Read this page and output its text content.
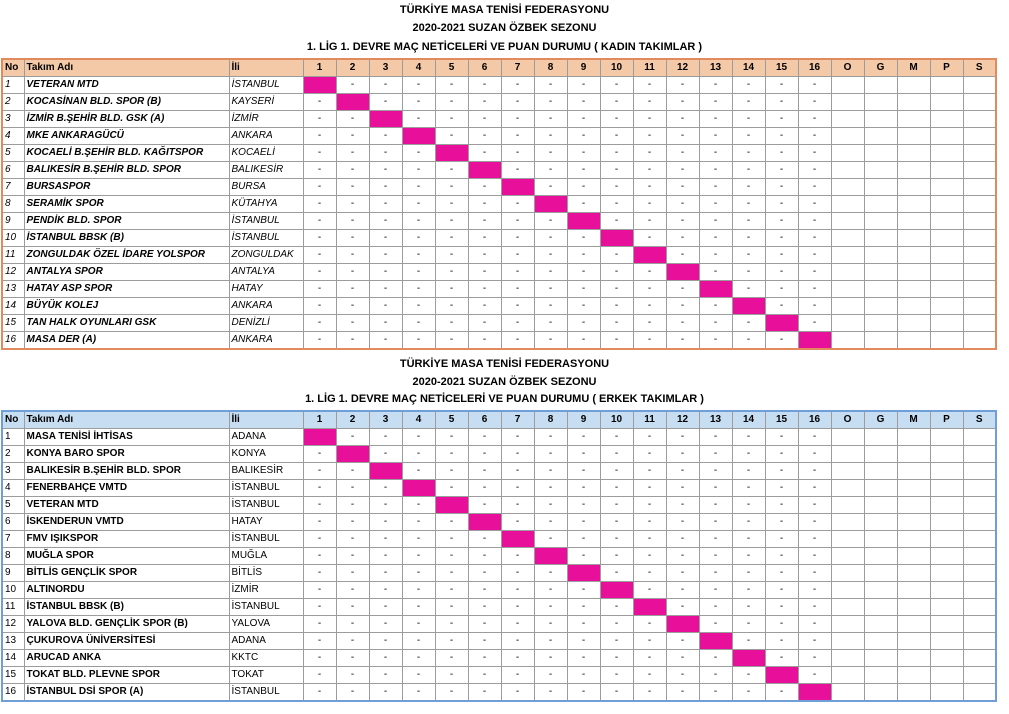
TÜRKİYE MASA TENİSİ FEDERASYONU
2020-2021 SUZAN ÖZBEK SEZONU
1. LİG 1. DEVRE MAÇ NETİCELERİ VE PUAN DURUMU ( KADIN TAKIMLAR )
No	Takım Adı	İli	1	2	3	4	5	6	7	8	9	10	11	12	13	14	15	16	O	G	M	P	S
1	VETERAN MTD	İSTANBUL		-	-	-	-	-	-	-	-	-	-	-	-	-	-	-					
2	KOCASİNAN BLD. SPOR (B)	KAYSERİ	-		-	-	-	-	-	-	-	-	-	-	-	-	-	-					
3	İZMİR B.ŞEHİR BLD. GSK (A)	İZMİR	-	-		-	-	-	-	-	-	-	-	-	-	-	-	-					
4	MKE ANKARAGÜCÜ	ANKARA	-	-	-		-	-	-	-	-	-	-	-	-	-	-	-					
5	KOCAELİ B.ŞEHİR BLD. KAĞITSPOR	KOCAELİ	-	-	-	-		-	-	-	-	-	-	-	-	-	-	-					
6	BALIKESİR B.ŞEHİR BLD. SPOR	BALIKESİR	-	-	-	-	-		-	-	-	-	-	-	-	-	-	-					
7	BURSASPOR	BURSA	-	-	-	-	-	-		-	-	-	-	-	-	-	-	-					
8	SERAMİK SPOR	KÜTAHYA	-	-	-	-	-	-	-		-	-	-	-	-	-	-	-					
9	PENDİK BLD. SPOR	İSTANBUL	-	-	-	-	-	-	-	-		-	-	-	-	-	-	-					
10	İSTANBUL BBSK (B)	İSTANBUL	-	-	-	-	-	-	-	-	-		-	-	-	-	-	-					
11	ZONGULDAK ÖZEL İDARE YOLSPOR	ZONGULDAK	-	-	-	-	-	-	-	-	-	-		-	-	-	-	-					
12	ANTALYA SPOR	ANTALYA	-	-	-	-	-	-	-	-	-	-	-		-	-	-	-					
13	HATAY ASP SPOR	HATAY	-	-	-	-	-	-	-	-	-	-	-	-		-	-	-					
14	BÜYÜK KOLEJ	ANKARA	-	-	-	-	-	-	-	-	-	-	-	-	-		-	-					
15	TAN HALK OYUNLARI GSK	DENİZLİ	-	-	-	-	-	-	-	-	-	-	-	-	-	-		-					
16	MASA DER (A)	ANKARA	-	-	-	-	-	-	-	-	-	-	-	-	-	-	-						
TÜRKİYE MASA TENİSİ FEDERASYONU
2020-2021 SUZAN ÖZBEK SEZONU
1. LİG 1. DEVRE MAÇ NETİCELERİ VE PUAN DURUMU ( ERKEK TAKIMLAR )
No	Takım Adı	İli	1	2	3	4	5	6	7	8	9	10	11	12	13	14	15	16	O	G	M	P	S
1	MASA TENİSİ İHTİSAS	ADANA		-	-	-	-	-	-	-	-	-	-	-	-	-	-	-					
2	KONYA BARO SPOR	KONYA	-		-	-	-	-	-	-	-	-	-	-	-	-	-	-					
3	BALIKESİR B.ŞEHİR BLD. SPOR	BALIKESİR	-	-		-	-	-	-	-	-	-	-	-	-	-	-	-					
4	FENERBAHÇE VMTD	İSTANBUL	-	-	-		-	-	-	-	-	-	-	-	-	-	-	-					
5	VETERAN MTD	İSTANBUL	-	-	-	-		-	-	-	-	-	-	-	-	-	-	-					
6	İSKENDERUN VMTD	HATAY	-	-	-	-	-		-	-	-	-	-	-	-	-	-	-					
7	FMV IŞIKSPOR	İSTANBUL	-	-	-	-	-	-		-	-	-	-	-	-	-	-	-					
8	MUĞLA SPOR	MUĞLA	-	-	-	-	-	-	-		-	-	-	-	-	-	-	-					
9	BİTLİS GENÇLİK SPOR	BİTLİS	-	-	-	-	-	-	-	-		-	-	-	-	-	-	-					
10	ALTINORDU	İZMİR	-	-	-	-	-	-	-	-	-		-	-	-	-	-	-					
11	İSTANBUL BBSK (B)	İSTANBUL	-	-	-	-	-	-	-	-	-	-		-	-	-	-	-					
12	YALOVA BLD. GENÇLİK SPOR (B)	YALOVA	-	-	-	-	-	-	-	-	-	-	-		-	-	-	-					
13	ÇUKUROVA ÜNİVERSİTESİ	ADANA	-	-	-	-	-	-	-	-	-	-	-	-		-	-	-					
14	ARUCAD ANKA	KKTC	-	-	-	-	-	-	-	-	-	-	-	-	-		-	-					
15	TOKAT BLD. PLEVNE SPOR	TOKAT	-	-	-	-	-	-	-	-	-	-	-	-	-	-		-					
16	İSTANBUL DSİ SPOR (A)	İSTANBUL	-	-	-	-	-	-	-	-	-	-	-	-	-	-	-						
